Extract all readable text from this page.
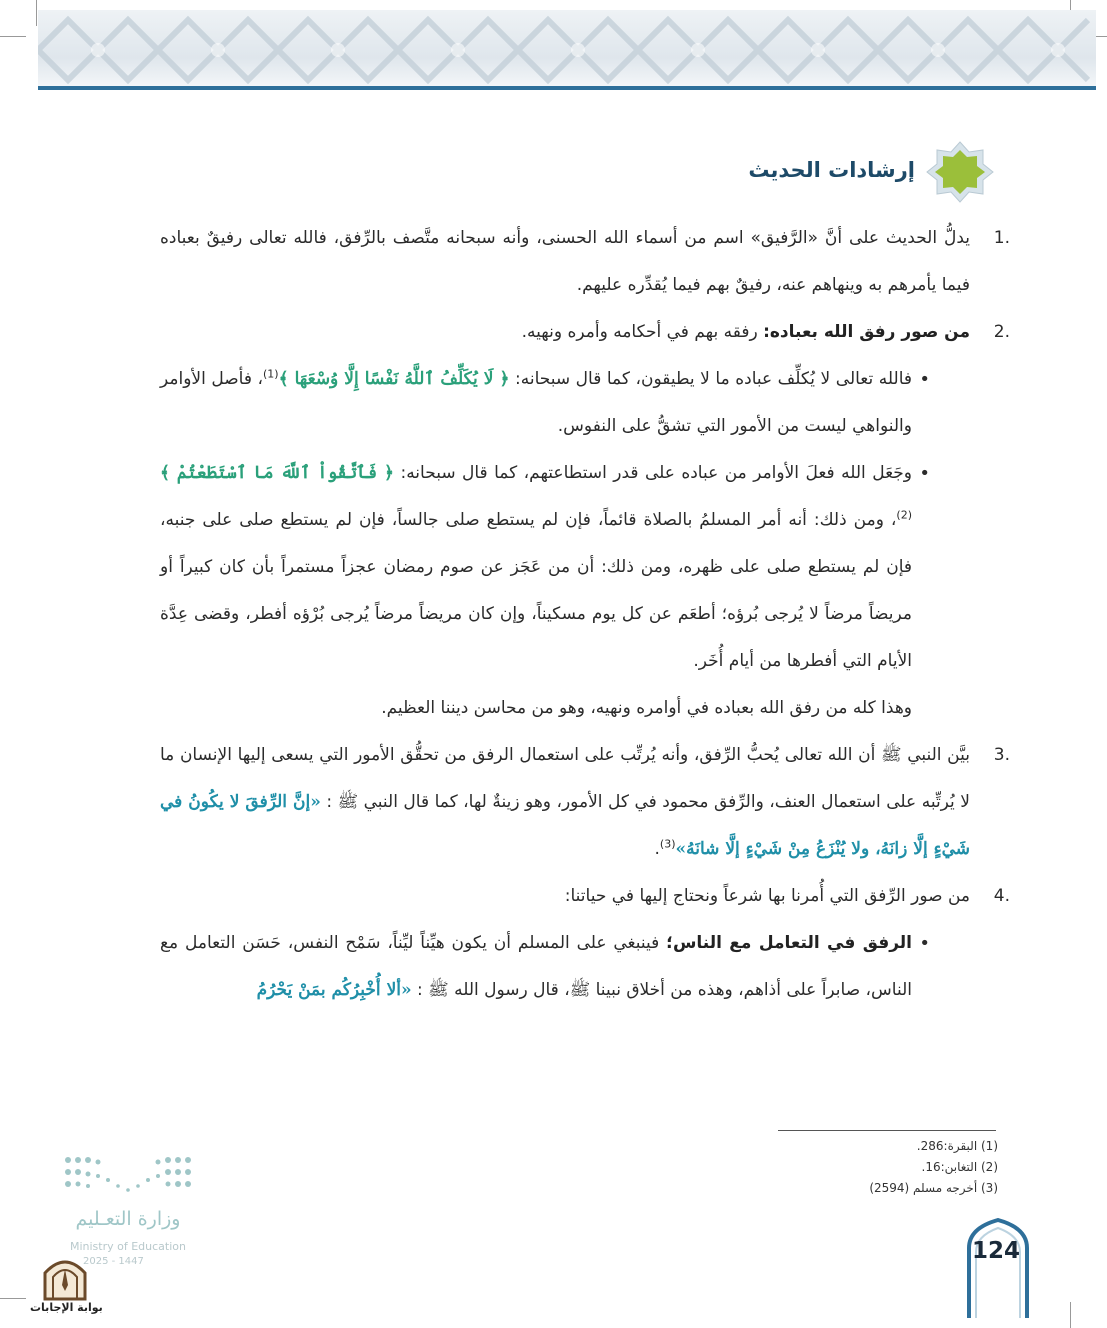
إرشادات الحديث
.1
يدلُّ الحديث على أنَّ «الرَّفيق» اسم من أسماء الله الحسنى، وأنه سبحانه متَّصف بالرِّفق، فالله تعالى رفيقٌ بعباده فيما يأمرهم به وينهاهم عنه، رفيقٌ بهم فيما يُقدِّره عليهم.
.2
من صور رفق الله بعباده: رفقه بهم في أحكامه وأمره ونهيه.
•
فالله تعالى لا يُكلِّف عباده ما لا يطيقون، كما قال سبحانه: ﴿ لَا يُكَلِّفُ ٱللَّهُ نَفْسًا إِلَّا وُسْعَهَا ﴾$^{(1)}$، فأصل الأوامر والنواهي ليست من الأمور التي تشقُّ على النفوس.
•
وجَعَل الله فعلَ الأوامر من عباده على قدر استطاعتهم، كما قال سبحانه: ﴿ فَٱتَّقُواْ ٱللَّهَ مَا ٱسْتَطَعْتُمْ ﴾$^{(2)}$، ومن ذلك: أنه أمر المسلمُ بالصلاة قائماً، فإن لم يستطع صلى جالساً، فإن لم يستطع صلى على جنبه، فإن لم يستطع صلى على ظهره، ومن ذلك: أن من عَجَز عن صوم رمضان عجزاً مستمراً بأن كان كبيراً أو مريضاً مرضاً لا يُرجى بُرؤه؛ أطعَم عن كل يوم مسكيناً، وإن كان مريضاً مرضاً يُرجى بُرْؤه أفطر، وقضى عِدَّة الأيام التي أفطرها من أيام أُخَر.
وهذا كله من رفق الله بعباده في أوامره ونهيه، وهو من محاسن ديننا العظيم.
.3
بيَّن النبي ﷺ أن الله تعالى يُحبُّ الرِّفق، وأنه يُرتِّب على استعمال الرفق من تحقُّق الأمور التي يسعى إليها الإنسان ما لا يُرتِّبه على استعمال العنف، والرِّفق محمود في كل الأمور، وهو زينةٌ لها، كما قال النبي ﷺ : «إنَّ الرِّفقَ لا يكُونُ في شَيْءٍ إلَّا زانَهُ، ولا يُنْزَعُ مِنْ شَيْءٍ إلَّا شانَهُ»$^{(3)}$.
.4
من صور الرِّفق التي أُمرنا بها شرعاً ونحتاج إليها في حياتنا:
•
الرفق في التعامل مع الناس؛ فينبغي على المسلم أن يكون هيِّناً ليِّناً، سَمْح النفس، حَسَن التعامل مع الناس، صابراً على أذاهم، وهذه من أخلاق نبينا ﷺ، قال رسول الله ﷺ : «ألا أُخْبِرُكُم بمَنْ يَحْرُمُ
(1) البقرة:286.
(2) التغابن:16.
(3) أخرجه مسلم (2594)
وزارة التعـليم
Ministry of Education
2025 - 1447
بوابة الإجابات
124
